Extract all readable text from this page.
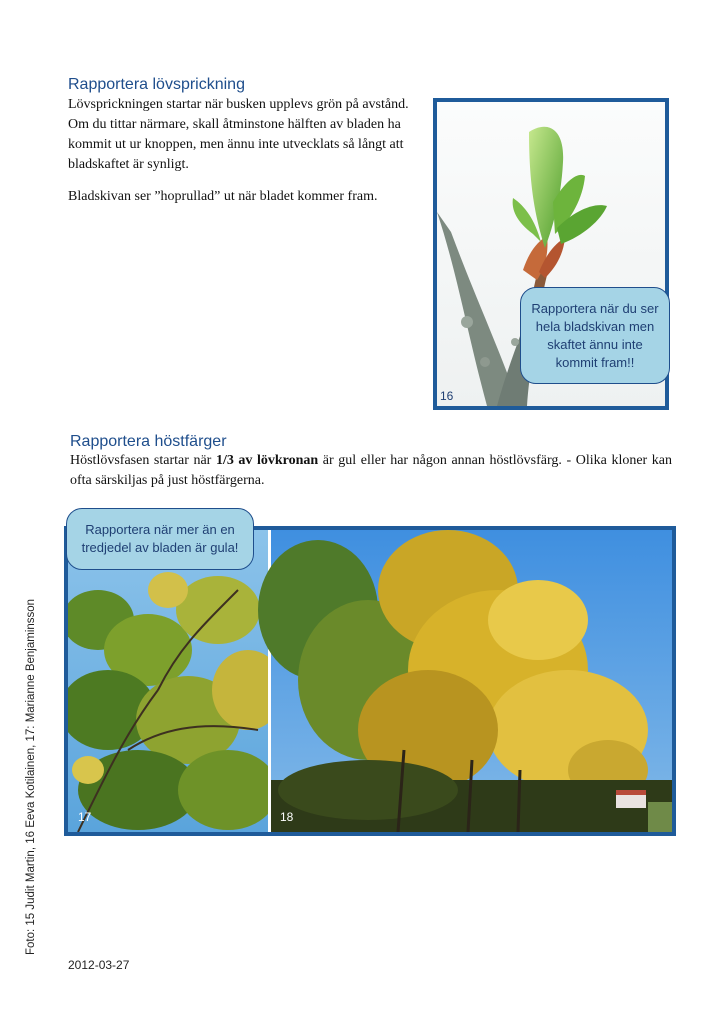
Rapportera lövsprickning
Lövsprickningen startar när busken upplevs grön på avstånd. Om du tittar närmare, skall åtminstone hälften av bladen ha kommit ut ur knoppen, men ännu inte utvecklats så långt att bladskaftet är synligt.
Bladskivan ser ”hoprullad” ut när bladet kommer fram.
16
Rapportera när du ser hela bladskivan men skaftet ännu inte kommit fram!!
Rapportera höstfärger
Höstlövsfasen startar när 1/3 av lövkronan är gul eller har någon annan höstlövsfärg. - Olika kloner kan ofta särskiljas på just höstfärgerna.
17	18
Rapportera när mer än en tredjedel av bladen är gula!
Foto: 15 Judit Martin, 16 Eeva Kotilainen, 17: Marianne Benjaminsson
2012-03-27
